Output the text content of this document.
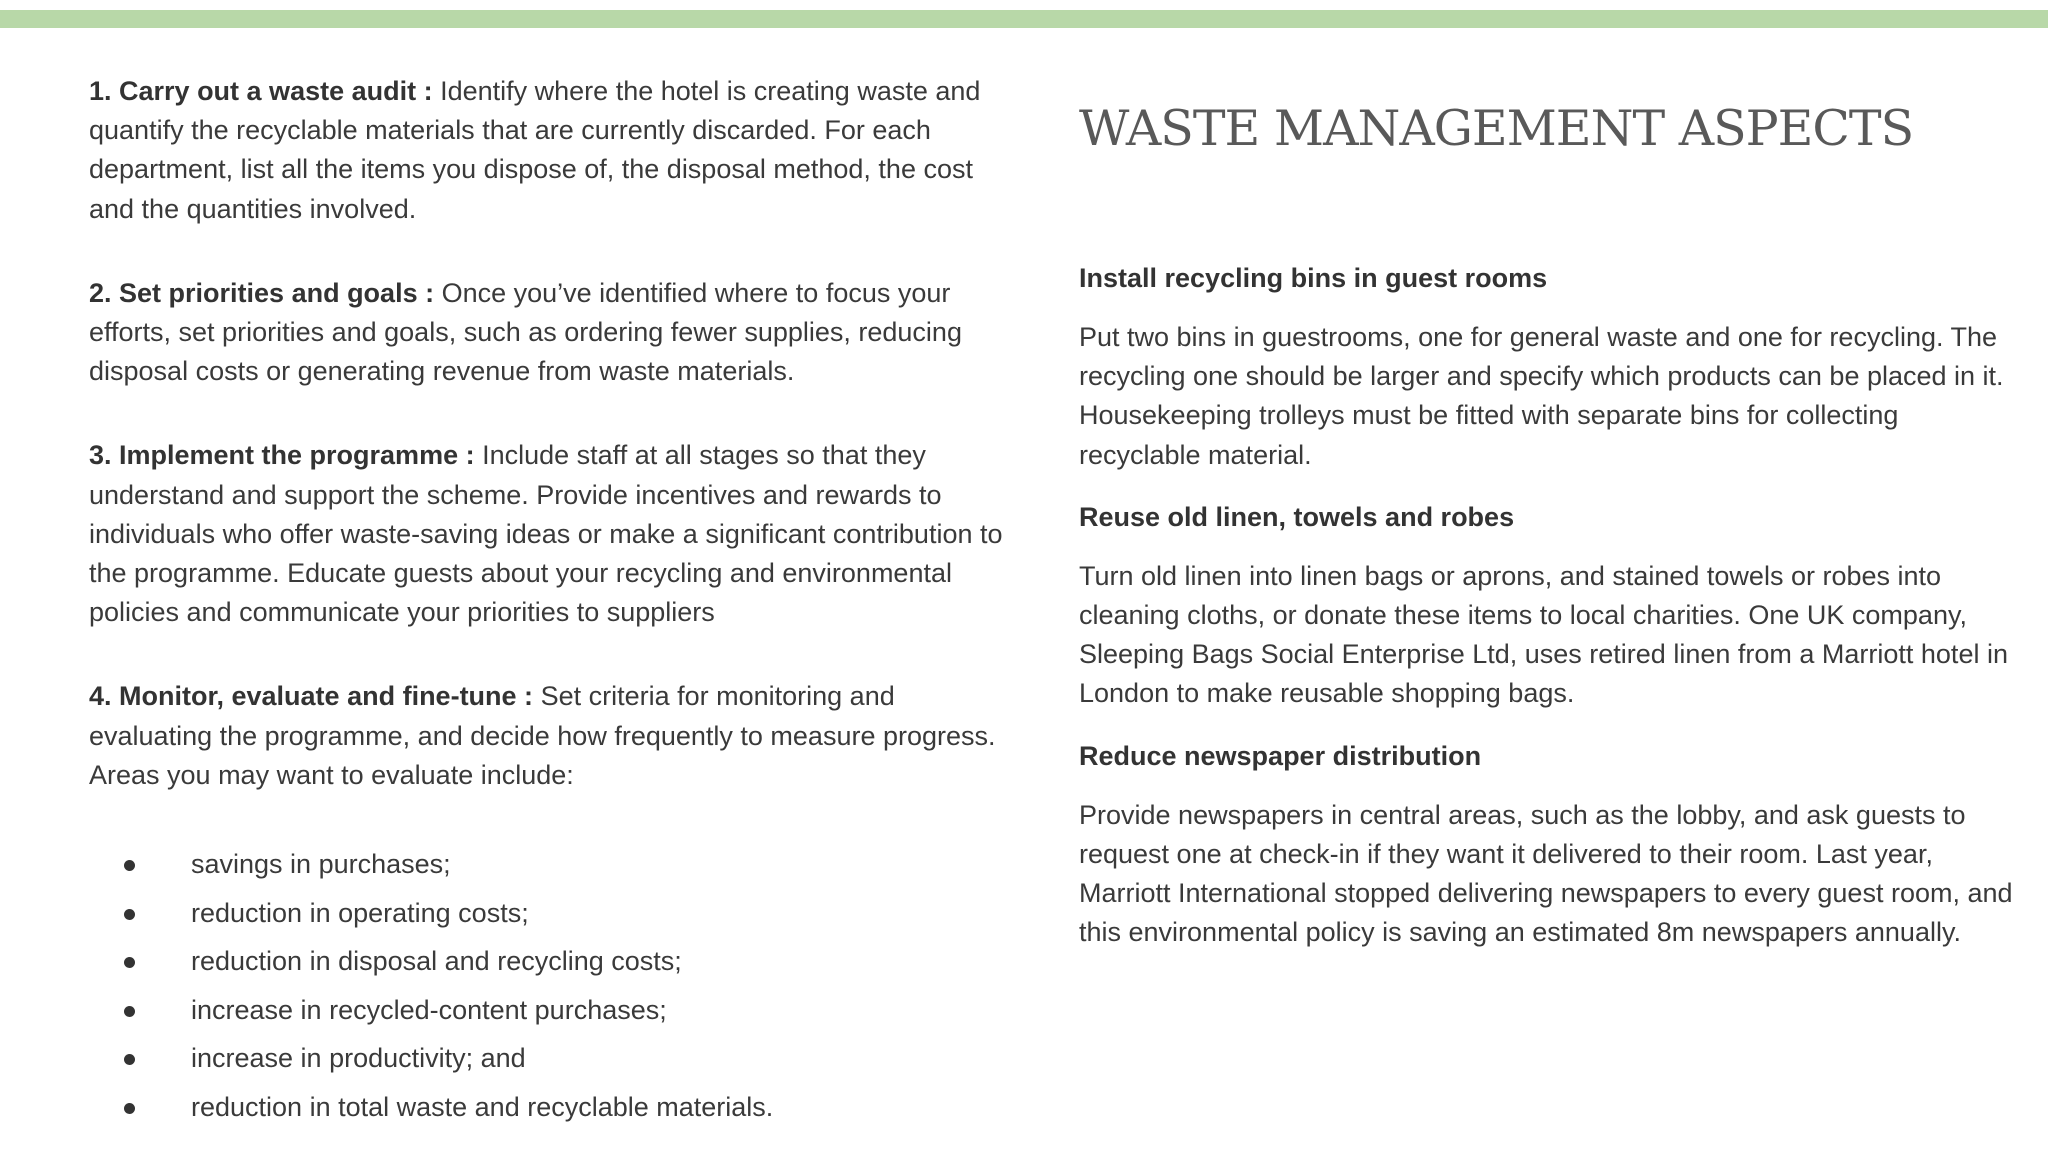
1. Carry out a waste audit : Identify where the hotel is creating waste and quantify the recyclable materials that are currently discarded. For each department, list all the items you dispose of, the disposal method, the cost and the quantities involved.

2. Set priorities and goals : Once you’ve identified where to focus your efforts, set priorities and goals, such as ordering fewer supplies, reducing disposal costs or generating revenue from waste materials.

3. Implement the programme : Include staff at all stages so that they understand and support the scheme. Provide incentives and rewards to individuals who offer waste-saving ideas or make a significant contribution to the programme. Educate guests about your recycling and environmental policies and communicate your priorities to suppliers

4. Monitor, evaluate and fine-tune : Set criteria for monitoring and evaluating the programme, and decide how frequently to measure progress. Areas you may want to evaluate include:

savings in purchases;
reduction in operating costs;
reduction in disposal and recycling costs;
increase in recycled-content purchases;
increase in productivity; and
reduction in total waste and recyclable materials.
WASTE MANAGEMENT ASPECTS
Install recycling bins in guest rooms

Put two bins in guestrooms, one for general waste and one for recycling. The recycling one should be larger and specify which products can be placed in it. Housekeeping trolleys must be fitted with separate bins for collecting recyclable material.

Reuse old linen, towels and robes

Turn old linen into linen bags or aprons, and stained towels or robes into cleaning cloths, or donate these items to local charities. One UK company, Sleeping Bags Social Enterprise Ltd, uses retired linen from a Marriott hotel in London to make reusable shopping bags.

Reduce newspaper distribution

Provide newspapers in central areas, such as the lobby, and ask guests to request one at check-in if they want it delivered to their room. Last year, Marriott International stopped delivering newspapers to every guest room, and this environmental policy is saving an estimated 8m newspapers annually.
